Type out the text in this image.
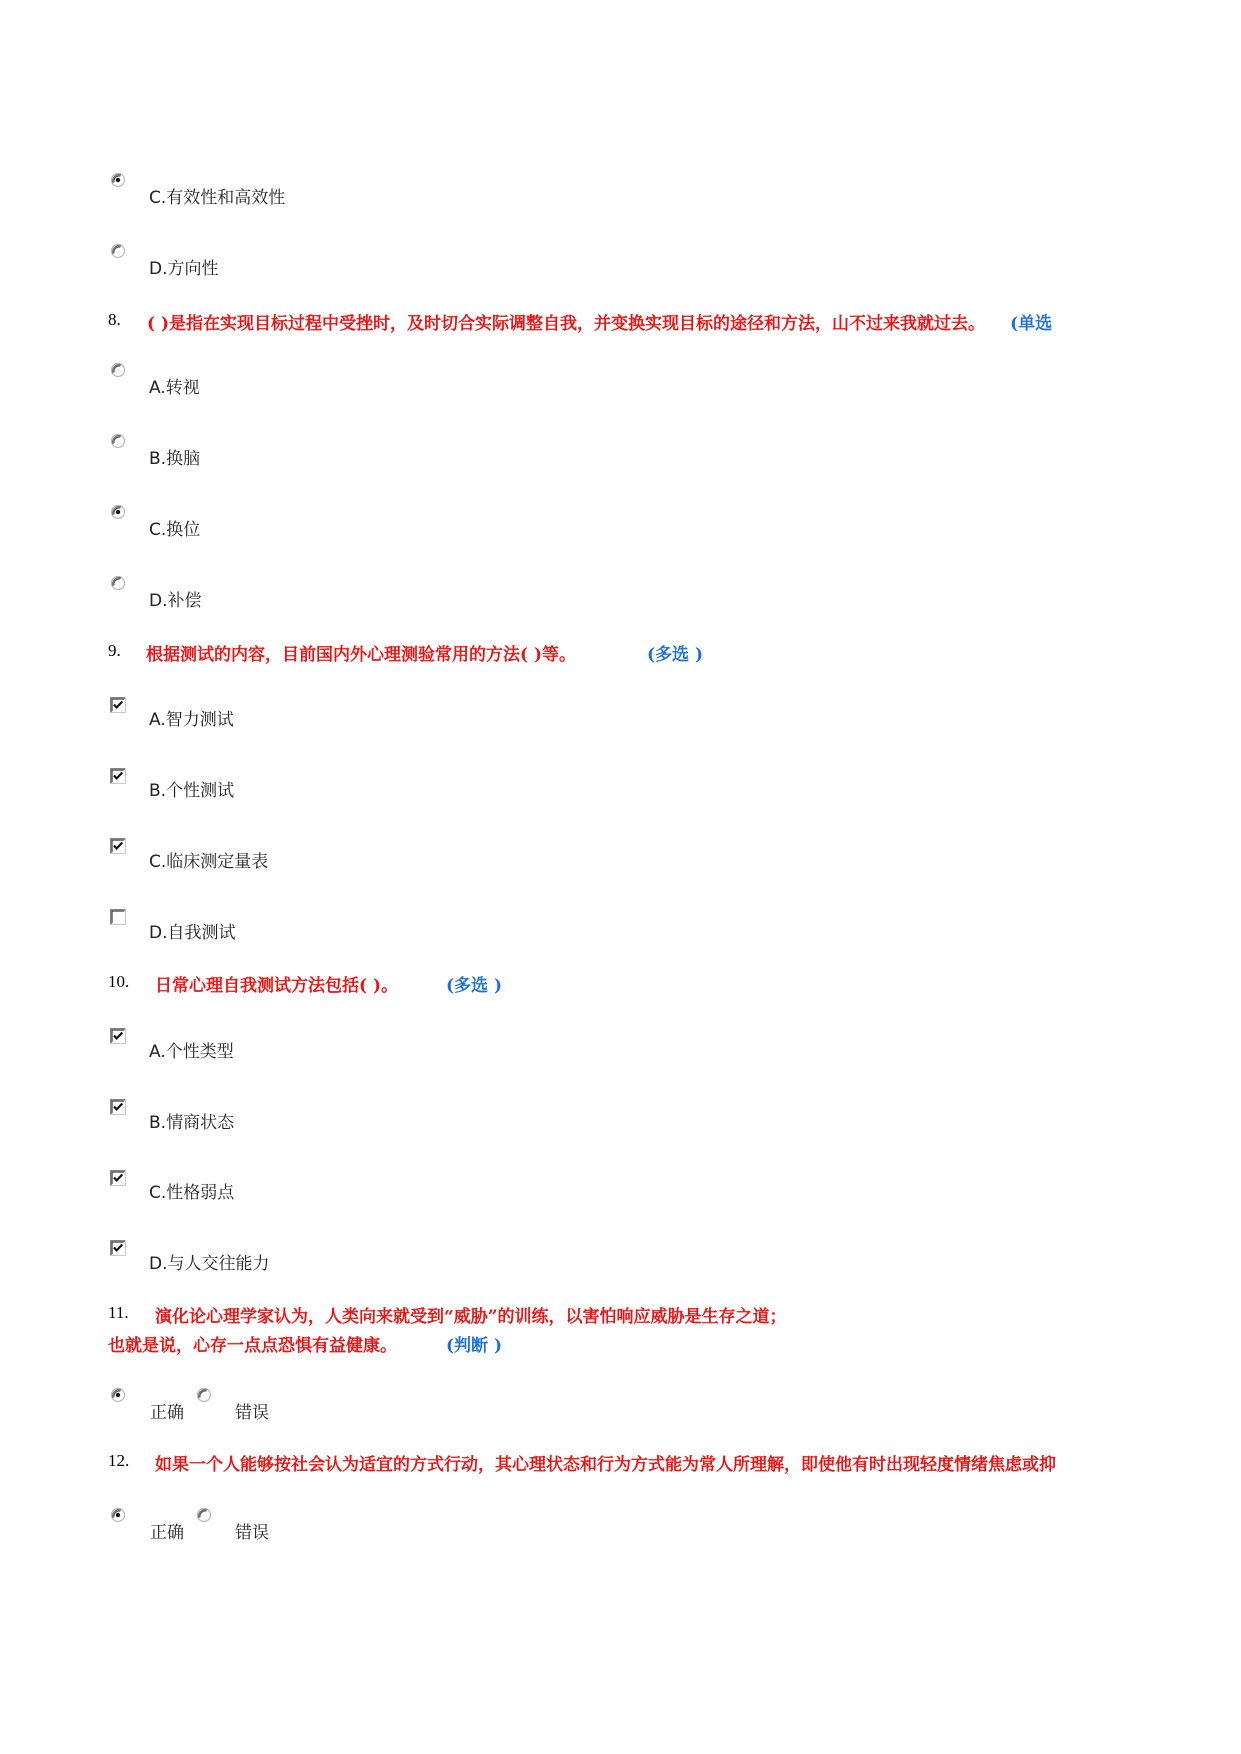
C.有效性和高效性
D.方向性
8. ( )是指在实现目标过程中受挫时，及时切合实际调整自我，并变换实现目标的途径和方法，山不过来我就过去。 (单选
A.转视
B.换脑
C.换位
D.补偿
9. 根据测试的内容，目前国内外心理测验常用的方法( )等。	(多选 )
A.智力测试
B.个性测试
C.临床测定量表
D.自我测试
10. 日常心理自我测试方法包括( )。	(多选 )
A.个性类型
B.情商状态
C.性格弱点
D.与人交往能力
11. 演化论心理学家认为，人类向来就受到“威胁”的训练，以害怕响应威胁是生存之道；
也就是说，心存一点点恐惧有益健康。	(判断 )
正确	错误
12. 如果一个人能够按社会认为适宜的方式行动，其心理状态和行为方式能为常人所理解，即使他有时出现轻度情绪焦虑或抑
正确	错误
